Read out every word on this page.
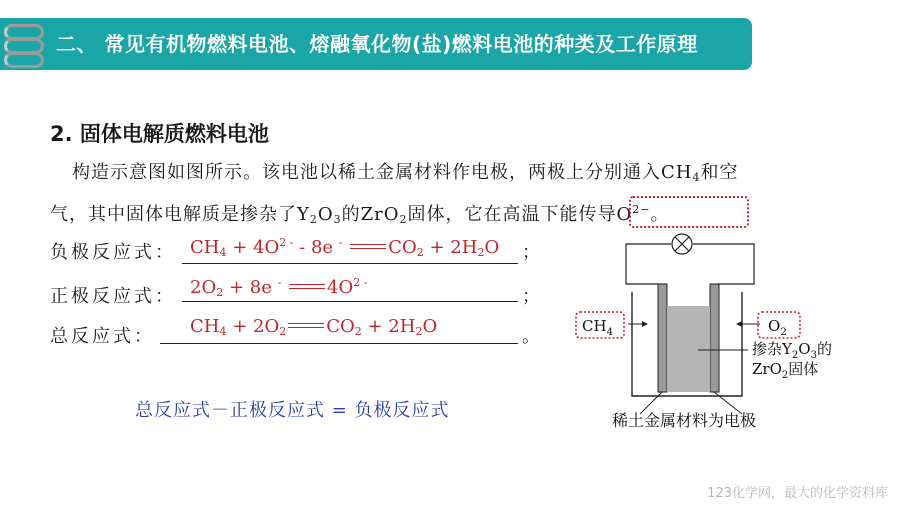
二、 常见有机物燃料电池、熔融氧化物(盐)燃料电池的种类及工作原理
2. 固体电解质燃料电池
构造示意图如图所示。该电池以稀土金属材料作电极，两极上分别通入$CH_4$和空
气，其中固体电解质是掺杂了$Y_2O_3$的ZrO$_2$固体，它在高温下能传导$O^{2-}$。
负极反应式： $CH_4 + 4O^{2 -} - 8e$ -	$CO_2 + 2H_2O$ ；
正极反应式： $2O_2 + 8e$ -	$4O^{2 -}$
；
总反应式： $CH_4 + 2O_2$ $CO_2 + 2H_2O$	。
总反应式－正极反应式 = 负极反应式
$CH_4$	$O_2$
掺杂$Y_2O_3$的
ZrO$_2$固体
稀土金属材料为电极
123化学网，最大的化学资料库
